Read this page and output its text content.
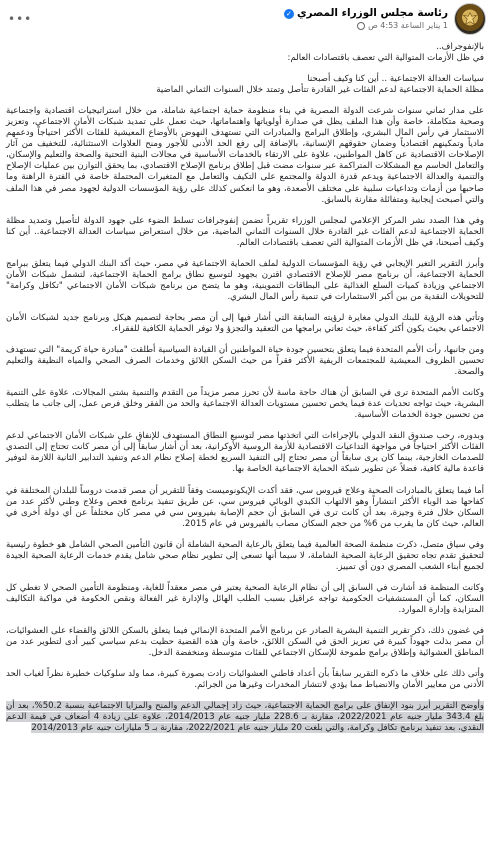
رئاسة مجلس الوزراء المصري
✓
1 يناير الساعة 4:53 ص
•••

بالإنفوجراف..

في ظل الأزمات المتوالية التي تعصف باقتصادات العالم:

سياسات العدالة الاجتماعية .. أين كنا وكيف أصبحنا

مظلة الحماية الاجتماعية لدعم الفئات غير القادرة تتأصل وتمتد خلال السنوات الثماني الماضية

على مدار ثماني سنوات شرعت الدولة المصرية في بناء منظومة حماية اجتماعية شاملة، من خلال استراتيجيات اقتصادية واجتماعية وصحية متكاملة، خاصة وأن هذا الملف يظل في صدارة أولوياتها واهتماماتها، حيث تعمل على تمديد شبكات الأمان الاجتماعي، وتعزيز الاستثمار في رأس المال البشري، وإطلاق البرامج والمبادرات التي تستهدف النهوض بالأوضاع المعيشية للفئات الأكثر احتياجاً ودعمهم مادياً وتمكينهم اقتصادياً وضمان حقوقهم الإنسانية، بالإضافة إلى رفع الحد الأدنى للأجور ومنح العلاوات الاستثنائية، للتخفيف من آثار الإصلاحات الاقتصادية عن كاهل المواطنين، علاوة على الارتقاء بالخدمات الأساسية في مجالات البنية التحتية والصحة والتعليم والإسكان، والتعامل الحاسم مع المشكلات المتراكمة عبر سنوات مضت قبل إطلاق برنامج الإصلاح الاقتصادي، بما يحقق التوازن بين عمليات الإصلاح والتنمية والعدالة الاجتماعية ويدعم قدرة الدولة والمجتمع على التكيف والتعامل مع المتغيرات المحتملة خاصة في الفترة الراهنة وما صاحبها من أزمات وتداعيات سلبية على مختلف الأصعدة، وهو ما انعكس كذلك على رؤية المؤسسات الدولية لجهود مصر في هذا الملف والتي أصبحت إيجابية ومتفائلة مقارنة بالسابق.

وفي هذا الصدد نشر المركز الإعلامي لمجلس الوزراء تقريراً تضمن إنفوجرافات تسلط الضوء على جهود الدولة لتأصيل وتمديد مظلة الحماية الاجتماعية لدعم الفئات غير القادرة خلال السنوات الثماني الماضية، من خلال استعراض سياسات العدالة الاجتماعية.. أين كنا وكيف أصبحنا، في ظل الأزمات المتوالية التي تعصف باقتصادات العالم.

وأبرز التقرير التغير الإيجابي في رؤية المؤسسات الدولية لملف الحماية الاجتماعية في مصر، حيث أكد البنك الدولي فيما يتعلق ببرامج الحماية الاجتماعية، أن برنامج مصر للإصلاح الاقتصادي اقترن بجهود لتوسيع نطاق برامج الحماية الاجتماعية، لتشمل شبكات الأمان الاجتماعي وزيادة كميات السلع الغذائية على البطاقات التموينية، وهو ما يتضح من برنامج شبكات الأمان الاجتماعي "تكافل وكرامة" للتحويلات النقدية من بين أكبر الاستثمارات في تنمية رأس المال البشري.

وتأتي هذه الرؤية للبنك الدولي مغايرة لرؤيته السابقة التي أشار فيها إلى أن مصر بحاجة لتصميم هيكل وبرنامج جديد لشبكات الأمان الاجتماعي بحيث يكون أكثر كفاءة، حيث تعاني برامجها من التعقيد والتجزؤ ولا توفر الحماية الكافية للفقراء.

ومن جانبها، رأت الأمم المتحدة فيما يتعلق بتحسين جودة حياة المواطنين أن القيادة السياسية أطلقت "مبادرة حياة كريمة" التي تستهدف تحسين الظروف المعيشية للمجتمعات الريفية الأكثر فقراً من حيث السكن اللائق وخدمات الصرف الصحي والمياه النظيفة والتعليم والصحة.

وكانت الأمم المتحدة ترى في السابق أن هناك حاجة ماسة لأن تحرز مصر مزيداً من التقدم والتنمية بشتى المجالات، علاوة على التنمية البشرية، حيث تواجه تحديات عدة فيما يخص تحسين مستويات العدالة الاجتماعية والحد من الفقر وخلق فرص عمل، إلى جانب ما يتطلب من تحسين جودة الخدمات الأساسية.

وبدوره، رحب صندوق النقد الدولي بالإجراءات التي اتخذتها مصر لتوسيع النطاق المستهدف للإنفاق على شبكات الأمان الاجتماعي لدعم الفئات الأكثر احتياجاً في مواجهة التداعيات الاقتصادية للأزمة الروسية الأوكرانية، بعد أن أشار سابقاً إلى أن مصر كانت تحتاج إلى التصدي للصدمات الخارجية، بينما كان يرى سابقاً أن مصر تحتاج إلى التنفيذ السريع لخطة إصلاح نظام الدعم وتنفيذ التدابير الثانية اللازمة لتوفير قاعدة مالية كافية، فضلاً عن تطوير شبكة الحماية الاجتماعية الخاصة بها.

أما فيما يتعلق بالمبادرات الصحية وعلاج فيروس سي، فقد أكدت الإيكونوميست وفقاً للتقرير أن مصر قدمت دروساً للبلدان المختلفة في كفاحها ضد الوباء الأكثر انتشاراً وهو الالتهاب الكبدي الوبائي فيروس سي، عن طريق تنفيذ برنامج فحص وعلاج وطني لأكثر عدد من السكان خلال فترة وجيزة، بعد أن كانت ترى في السابق أن حجم الإصابة بفيروس سي في مصر كان مختلفاً عن أي دولة أخرى في العالم، حيث كان ما يقرب من 6% من حجم السكان مصاب بالفيروس في عام 2015.

وفي سياق متصل، ذكرت منظمة الصحة العالمية فيما يتعلق بالرعاية الصحية الشاملة أن قانون التأمين الصحي الشامل هو خطوة رئيسية لتحقيق تقدم تجاه تحقيق الرعاية الصحية الشاملة، لا سيما أنها تسعى إلى تطوير نظام صحي شامل يقدم خدمات الرعاية الصحية الجيدة لجميع أبناء الشعب المصري دون أي تمييز.

وكانت المنظمة قد أشارت في السابق إلى أن نظام الرعاية الصحية يعتبر في مصر معقداً للغاية، ومنظومة التأمين الصحي لا تغطي كل السكان، كما أن المستشفيات الحكومية تواجه عراقيل بسبب الطلب الهائل والإدارة غير الفعالة ونقص الحكومة في مواكبة التكاليف المتزايدة وإدارة الموارد.

في غضون ذلك، ذكر تقرير التنمية البشرية الصادر عن برنامج الأمم المتحدة الإنمائي فيما يتعلق بالسكن اللائق والقضاء على العشوائيات، أن مصر بذلت جهوداً كبيرة في تعزيز الحق في السكن اللائق، خاصة وأن هذه القضية حظيت بدعم سياسي كبير أدى لتطوير عدد من المناطق العشوائية وإطلاق برامج طموحة للإسكان الاجتماعي للفئات متوسطة ومنخفضة الدخل.

وأتى ذلك على خلاف ما ذكره التقرير سابقاً بأن أعداد قاطني العشوائيات زادت بصورة كبيرة، مما ولد سلوكيات خطيرة نظراً لغياب الحد الأدنى من معايير الأمان والانضباط مما يؤدي لانتشار المخدرات وغيرها من الجرائم.

وأوضح التقرير أبرز بنود الإنفاق على برامج الحماية الاجتماعية، حيث زاد إجمالي الدعم والمنح والمزايا الاجتماعية بنسبة 50.2%، بعد أن بلغ 343.4 مليار جنيه عام 2022/2021، مقارنة بـ 228.6 مليار جنيه عام 2014/2013، علاوة على زيادة 4 أضعاف في قيمة الدعم النقدي، بعد تنفيذ برنامج تكافل وكرامة، والتي بلغت 20 مليار جنيه عام 2022/2021، مقارنة بـ 5 مليارات جنيه عام 2014/2013
